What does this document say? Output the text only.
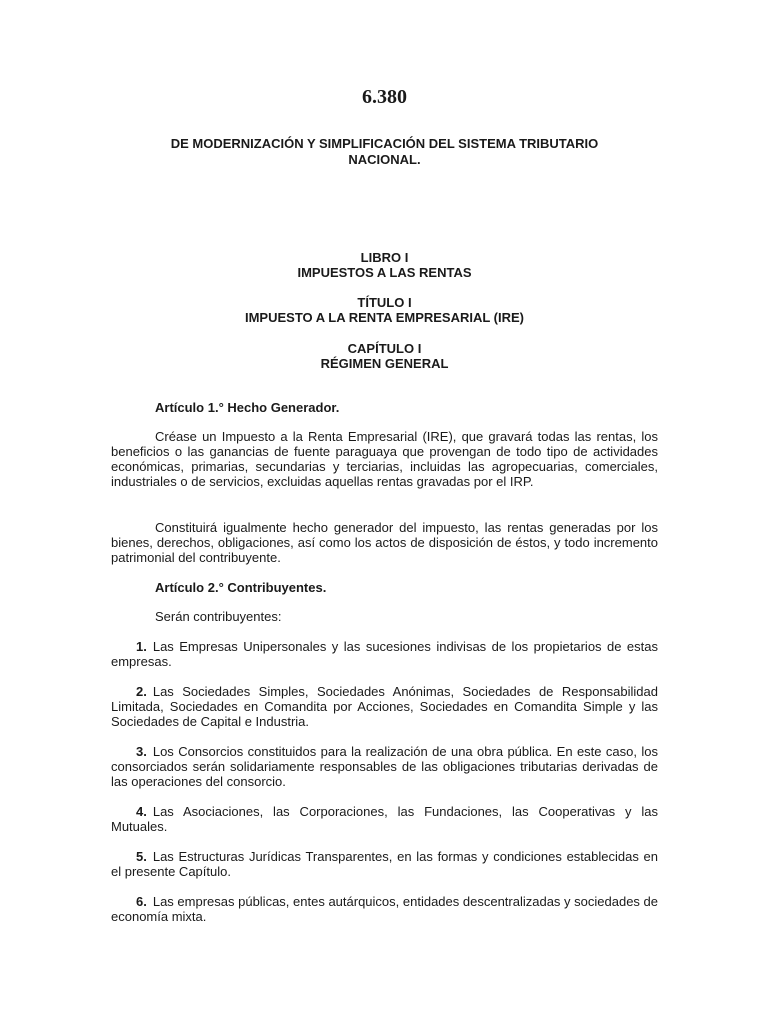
6.380
DE MODERNIZACIÓN Y SIMPLIFICACIÓN DEL SISTEMA TRIBUTARIO NACIONAL.
LIBRO I
IMPUESTOS A LAS RENTAS
TÍTULO I
IMPUESTO A LA RENTA EMPRESARIAL (IRE)
CAPÍTULO I
RÉGIMEN GENERAL
Artículo 1.° Hecho Generador.
Créase un Impuesto a la Renta Empresarial (IRE), que gravará todas las rentas, los beneficios o las ganancias de fuente paraguaya que provengan de todo tipo de actividades económicas, primarias, secundarias y terciarias, incluidas las agropecuarias, comerciales, industriales o de servicios, excluidas aquellas rentas gravadas por el IRP.
Constituirá igualmente hecho generador del impuesto, las rentas generadas por los bienes, derechos, obligaciones, así como los actos de disposición de éstos, y todo incremento patrimonial del contribuyente.
Artículo 2.° Contribuyentes.
Serán contribuyentes:
1. Las Empresas Unipersonales y las sucesiones indivisas de los propietarios de estas empresas.
2. Las Sociedades Simples, Sociedades Anónimas, Sociedades de Responsabilidad Limitada, Sociedades en Comandita por Acciones, Sociedades en Comandita Simple y las Sociedades de Capital e Industria.
3. Los Consorcios constituidos para la realización de una obra pública. En este caso, los consorciados serán solidariamente responsables de las obligaciones tributarias derivadas de las operaciones del consorcio.
4. Las Asociaciones, las Corporaciones, las Fundaciones, las Cooperativas y las Mutuales.
5. Las Estructuras Jurídicas Transparentes, en las formas y condiciones establecidas en el presente Capítulo.
6. Las empresas públicas, entes autárquicos, entidades descentralizadas y sociedades de economía mixta.
